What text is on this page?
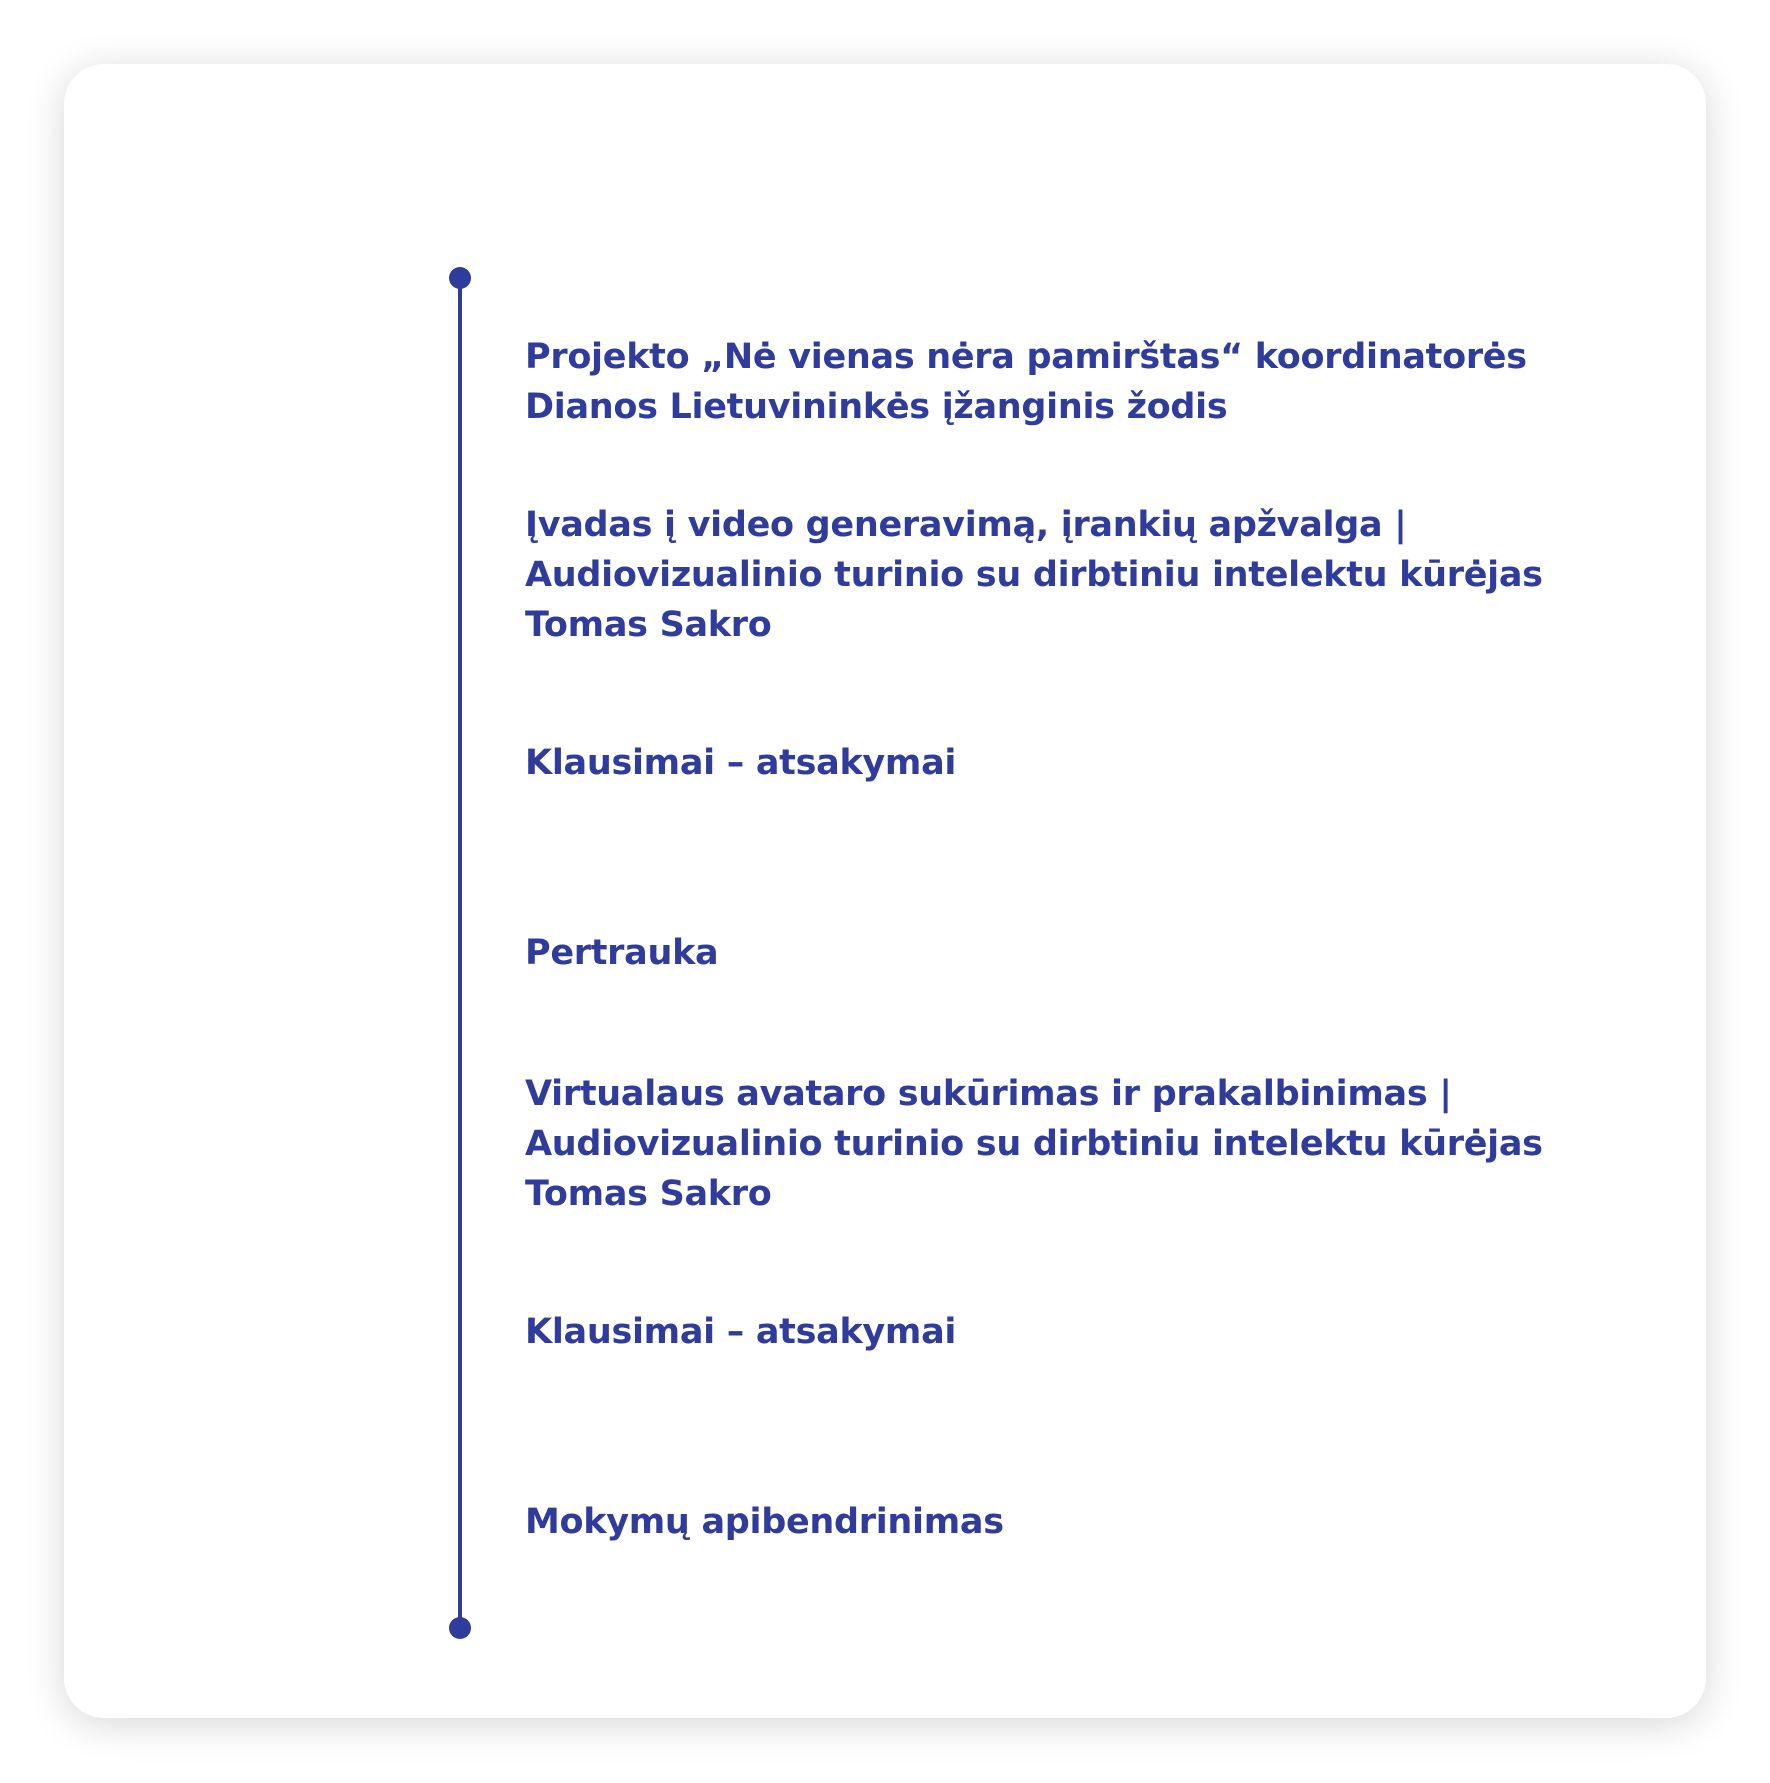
Projekto „Nė vienas nėra pamirštas“ koordinatorės Dianos Lietuvininkės įžanginis žodis

Įvadas į video generavimą, įrankių apžvalga | Audiovizualinio turinio su dirbtiniu intelektu kūrėjas Tomas Sakro

Klausimai – atsakymai

Pertrauka

Virtualaus avataro sukūrimas ir prakalbinimas | Audiovizualinio turinio su dirbtiniu intelektu kūrėjas Tomas Sakro

Klausimai – atsakymai

Mokymų apibendrinimas
